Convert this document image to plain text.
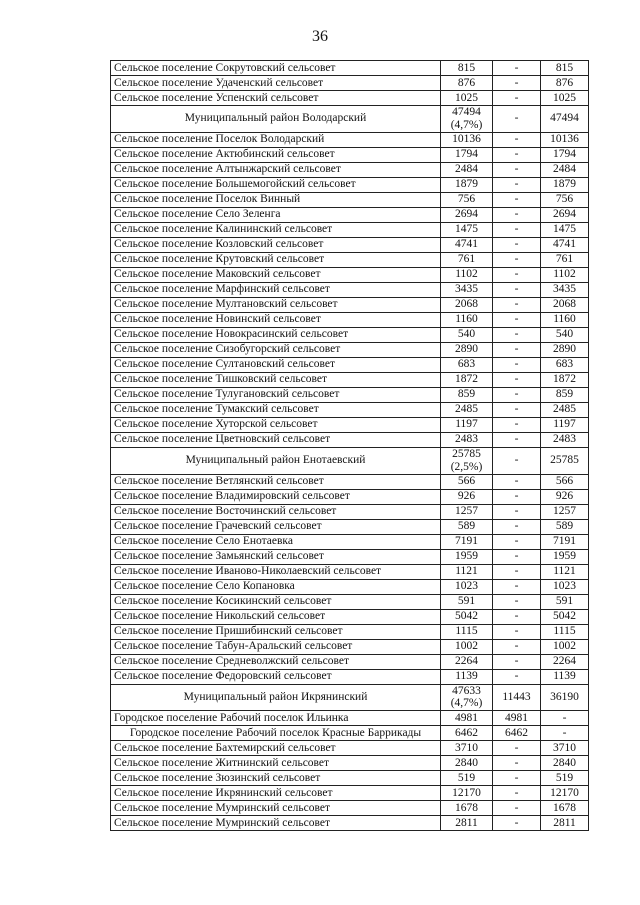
36
Сельское поселение Сокрутовский сельсовет	815	-	815
Сельское поселение Удаченский сельсовет	876	-	876
Сельское поселение Успенский сельсовет	1025	-	1025
Муниципальный район Володарский	47494 (4,7%)	-	47494
Сельское поселение Поселок Володарский	10136	-	10136
Сельское поселение Актюбинский сельсовет	1794	-	1794
Сельское поселение Алтынжарский сельсовет	2484	-	2484
Сельское поселение Большемогойский сельсовет	1879	-	1879
Сельское поселение Поселок Винный	756	-	756
Сельское поселение Село Зеленга	2694	-	2694
Сельское поселение Калининский сельсовет	1475	-	1475
Сельское поселение Козловский сельсовет	4741	-	4741
Сельское поселение Крутовский сельсовет	761	-	761
Сельское поселение Маковский сельсовет	1102	-	1102
Сельское поселение Марфинский сельсовет	3435	-	3435
Сельское поселение Мултановский сельсовет	2068	-	2068
Сельское поселение Новинский сельсовет	1160	-	1160
Сельское поселение Новокрасинский сельсовет	540	-	540
Сельское поселение Сизобугорский сельсовет	2890	-	2890
Сельское поселение Султановский сельсовет	683	-	683
Сельское поселение Тишковский сельсовет	1872	-	1872
Сельское поселение Тулугановский сельсовет	859	-	859
Сельское поселение Тумакский сельсовет	2485	-	2485
Сельское поселение Хуторской сельсовет	1197	-	1197
Сельское поселение Цветновский сельсовет	2483	-	2483
Муниципальный район Енотаевский	25785 (2,5%)	-	25785
Сельское поселение Ветлянский сельсовет	566	-	566
Сельское поселение Владимировский сельсовет	926	-	926
Сельское поселение Восточинский сельсовет	1257	-	1257
Сельское поселение Грачевский сельсовет	589	-	589
Сельское поселение Село Енотаевка	7191	-	7191
Сельское поселение Замьянский сельсовет	1959	-	1959
Сельское поселение Ивановo-Николаевский сельсовет	1121	-	1121
Сельское поселение Село Копановка	1023	-	1023
Сельское поселение Косикинский сельсовет	591	-	591
Сельское поселение Никольский сельсовет	5042	-	5042
Сельское поселение Пришибинский сельсовет	1115	-	1115
Сельское поселение Табун-Аральский сельсовет	1002	-	1002
Сельское поселение Средневолжский сельсовет	2264	-	2264
Сельское поселение Федоровский сельсовет	1139	-	1139
Муниципальный район Икрянинский	47633 (4,7%)	11443	36190
Городское поселение Рабочий поселок Ильинка	4981	4981	-
Городское поселение Рабочий поселок Красные Баррикады	6462	6462	-
Сельское поселение Бахтемирский сельсовет	3710	-	3710
Сельское поселение Житнинский сельсовет	2840	-	2840
Сельское поселение Зюзинский сельсовет	519	-	519
Сельское поселение Икрянинский сельсовет	12170	-	12170
Сельское поселение Мумринский сельсовет	1678	-	1678
Сельское поселение Мумринский сельсовет	2811	-	2811
